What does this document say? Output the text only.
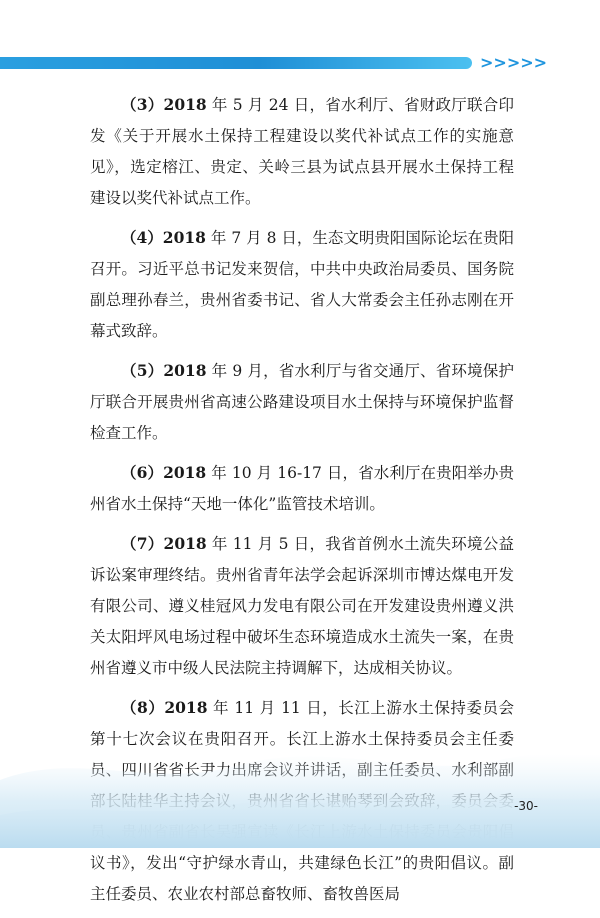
>>>>>

（3）2018 年 5 月 24 日，省水利厅、省财政厅联合印发《关于开展水土保持工程建设以奖代补试点工作的实施意见》，选定榕江、贵定、关岭三县为试点县开展水土保持工程建设以奖代补试点工作。

（4）2018 年 7 月 8 日，生态文明贵阳国际论坛在贵阳召开。习近平总书记发来贺信，中共中央政治局委员、国务院副总理孙春兰，贵州省委书记、省人大常委会主任孙志刚在开幕式致辞。

（5）2018 年 9 月，省水利厅与省交通厅、省环境保护厅联合开展贵州省高速公路建设项目水土保持与环境保护监督检查工作。

（6）2018 年 10 月 16-17 日，省水利厅在贵阳举办贵州省水土保持“天地一体化”监管技术培训。

（7）2018 年 11 月 5 日，我省首例水土流失环境公益诉讼案审理终结。贵州省青年法学会起诉深圳市博达煤电开发有限公司、遵义桂冠风力发电有限公司在开发建设贵州遵义洪关太阳坪风电场过程中破坏生态环境造成水土流失一案，在贵州省遵义市中级人民法院主持调解下，达成相关协议。

（8）2018 年 11 月 11 日，长江上游水土保持委员会第十七次会议在贵阳召开。长江上游水土保持委员会主任委员、四川省省长尹力出席会议 议书》，发出“守护绿水青山，共建绿色长江”的贵阳倡议。副主任委员、农业农村部总畜牧师、畜牧兽医局

-30-
